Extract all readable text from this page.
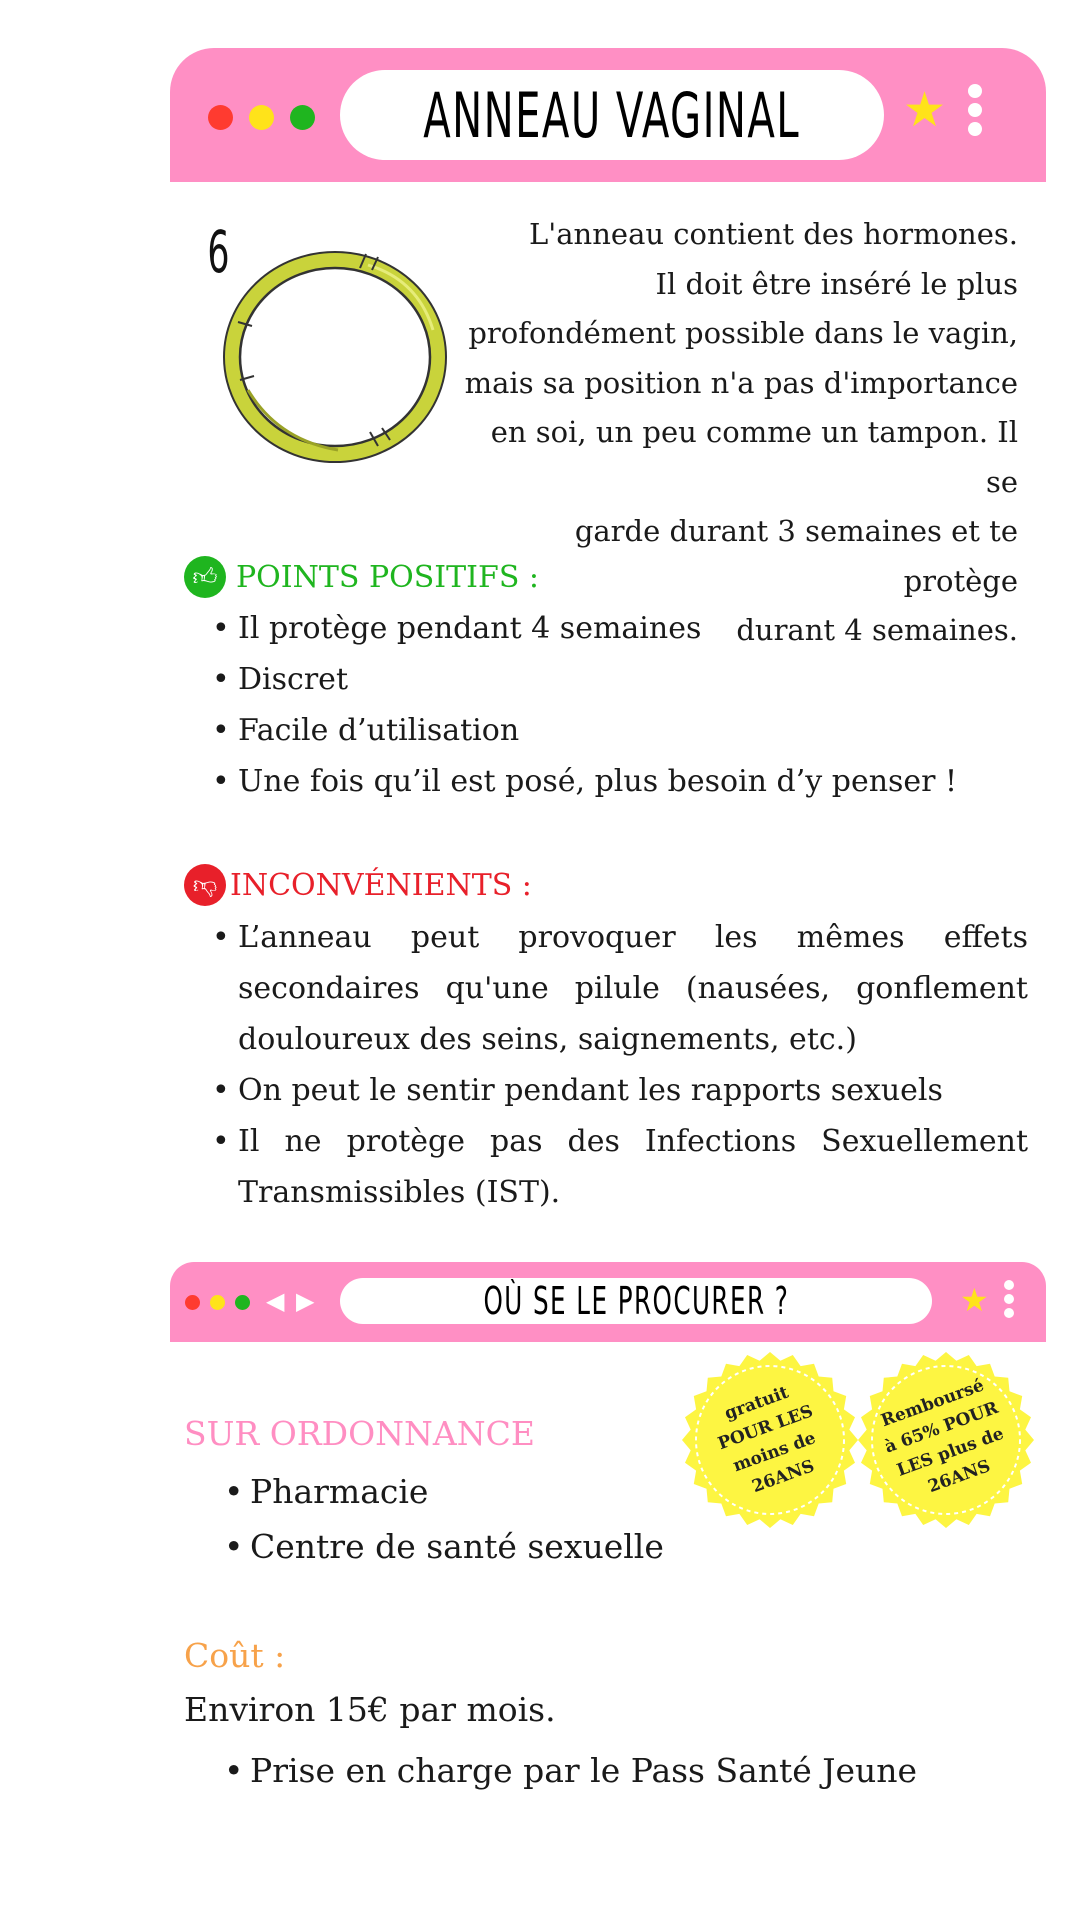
ANNEAU VAGINAL ★
6	L'anneau contient des hormones.
Il doit être inséré le plus
profondément possible dans le vagin,
mais sa position n'a pas d'importance
en soi, un peu comme un tampon. Il se
garde durant 3 semaines et te protège
durant 4 semaines.
👍︎ POINTS POSITIFS :
• Il protège pendant 4 semaines
• Discret
• Facile d’utilisation
• Une fois qu’il est posé, plus besoin d’y penser !
👎︎ INCONVÉNIENTS :
• L’anneau peut provoquer les mêmes effets secondaires qu'une pilule (nausées, gonflement douloureux des seins, saignements, etc.)
• On peut le sentir pendant les rapports sexuels
• Il ne protège pas des Infections Sexuellement Transmissibles (IST).
◀ ▶	OÙ SE LE PROCURER ?	★
gratuit POUR LES moins de 26ANS
Remboursé à 65% POUR LES plus de 26ANS
SUR ORDONNANCE
• Pharmacie
• Centre de santé sexuelle
Coût :
Environ 15€ par mois.
• Prise en charge par le Pass Santé Jeune
